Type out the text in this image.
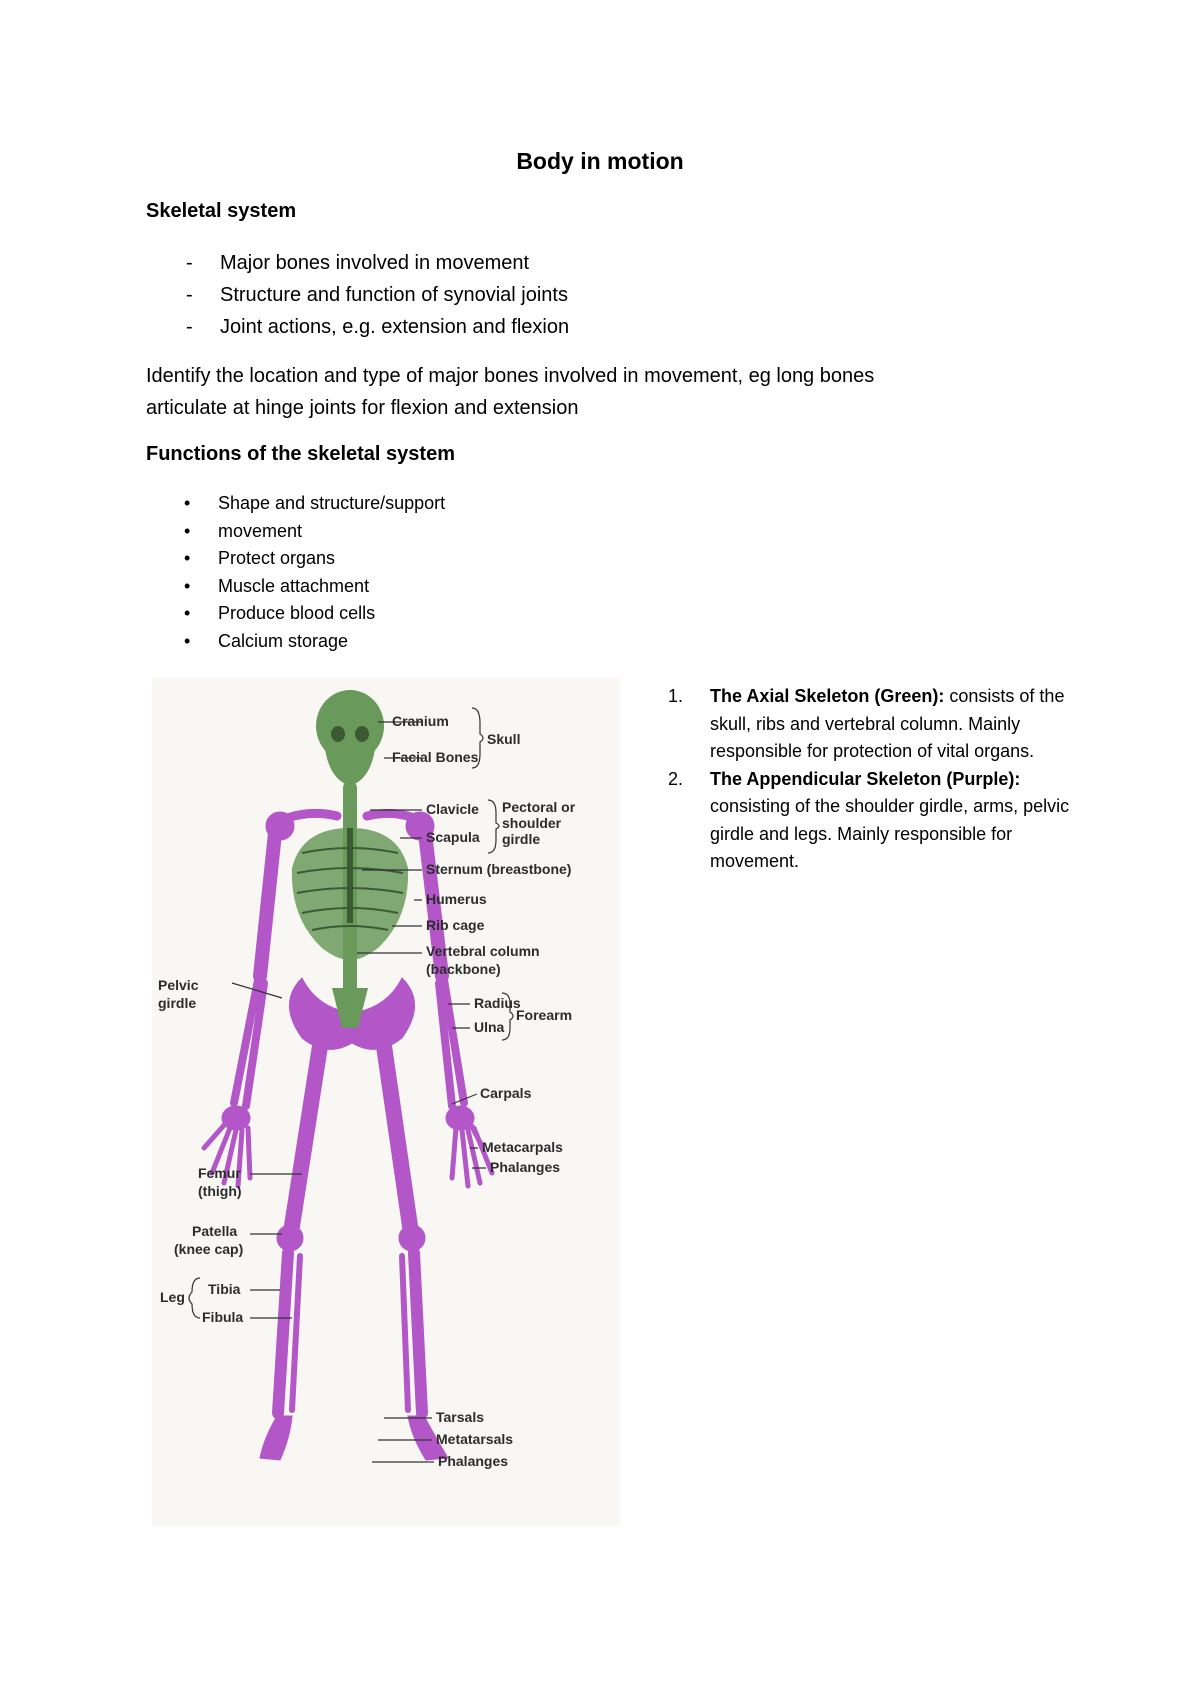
Body in motion
Skeletal system
-	Major bones involved in movement
-	Structure and function of synovial joints
-	Joint actions, e.g. extension and flexion
Identify the location and type of major bones involved in movement, eg long bones
articulate at hinge joints for flexion and extension
Functions of the skeletal system
•	Shape and structure/support
•	movement
•	Protect organs
•	Muscle attachment
•	Produce blood cells
•	Calcium storage
Cranium
Facial Bones
Skull
Clavicle
Scapula
Pectoral or
shoulder
girdle
Sternum (breastbone)
Humerus
Rib cage
Vertebral column
(backbone)
Pelvic
girdle	Radius
Ulna
Forearm
Carpals
Metacarpals
Phalanges
Femur
(thigh)
Patella
(knee cap)
Tibia
Fibula
Leg
Tarsals
Metatarsals
Phalanges
1.	The Axial Skeleton (Green): consists of the skull, ribs and vertebral column. Mainly responsible for protection of vital organs.
2.	The Appendicular Skeleton (Purple): consisting of the shoulder girdle, arms, pelvic girdle and legs. Mainly responsible for movement.
